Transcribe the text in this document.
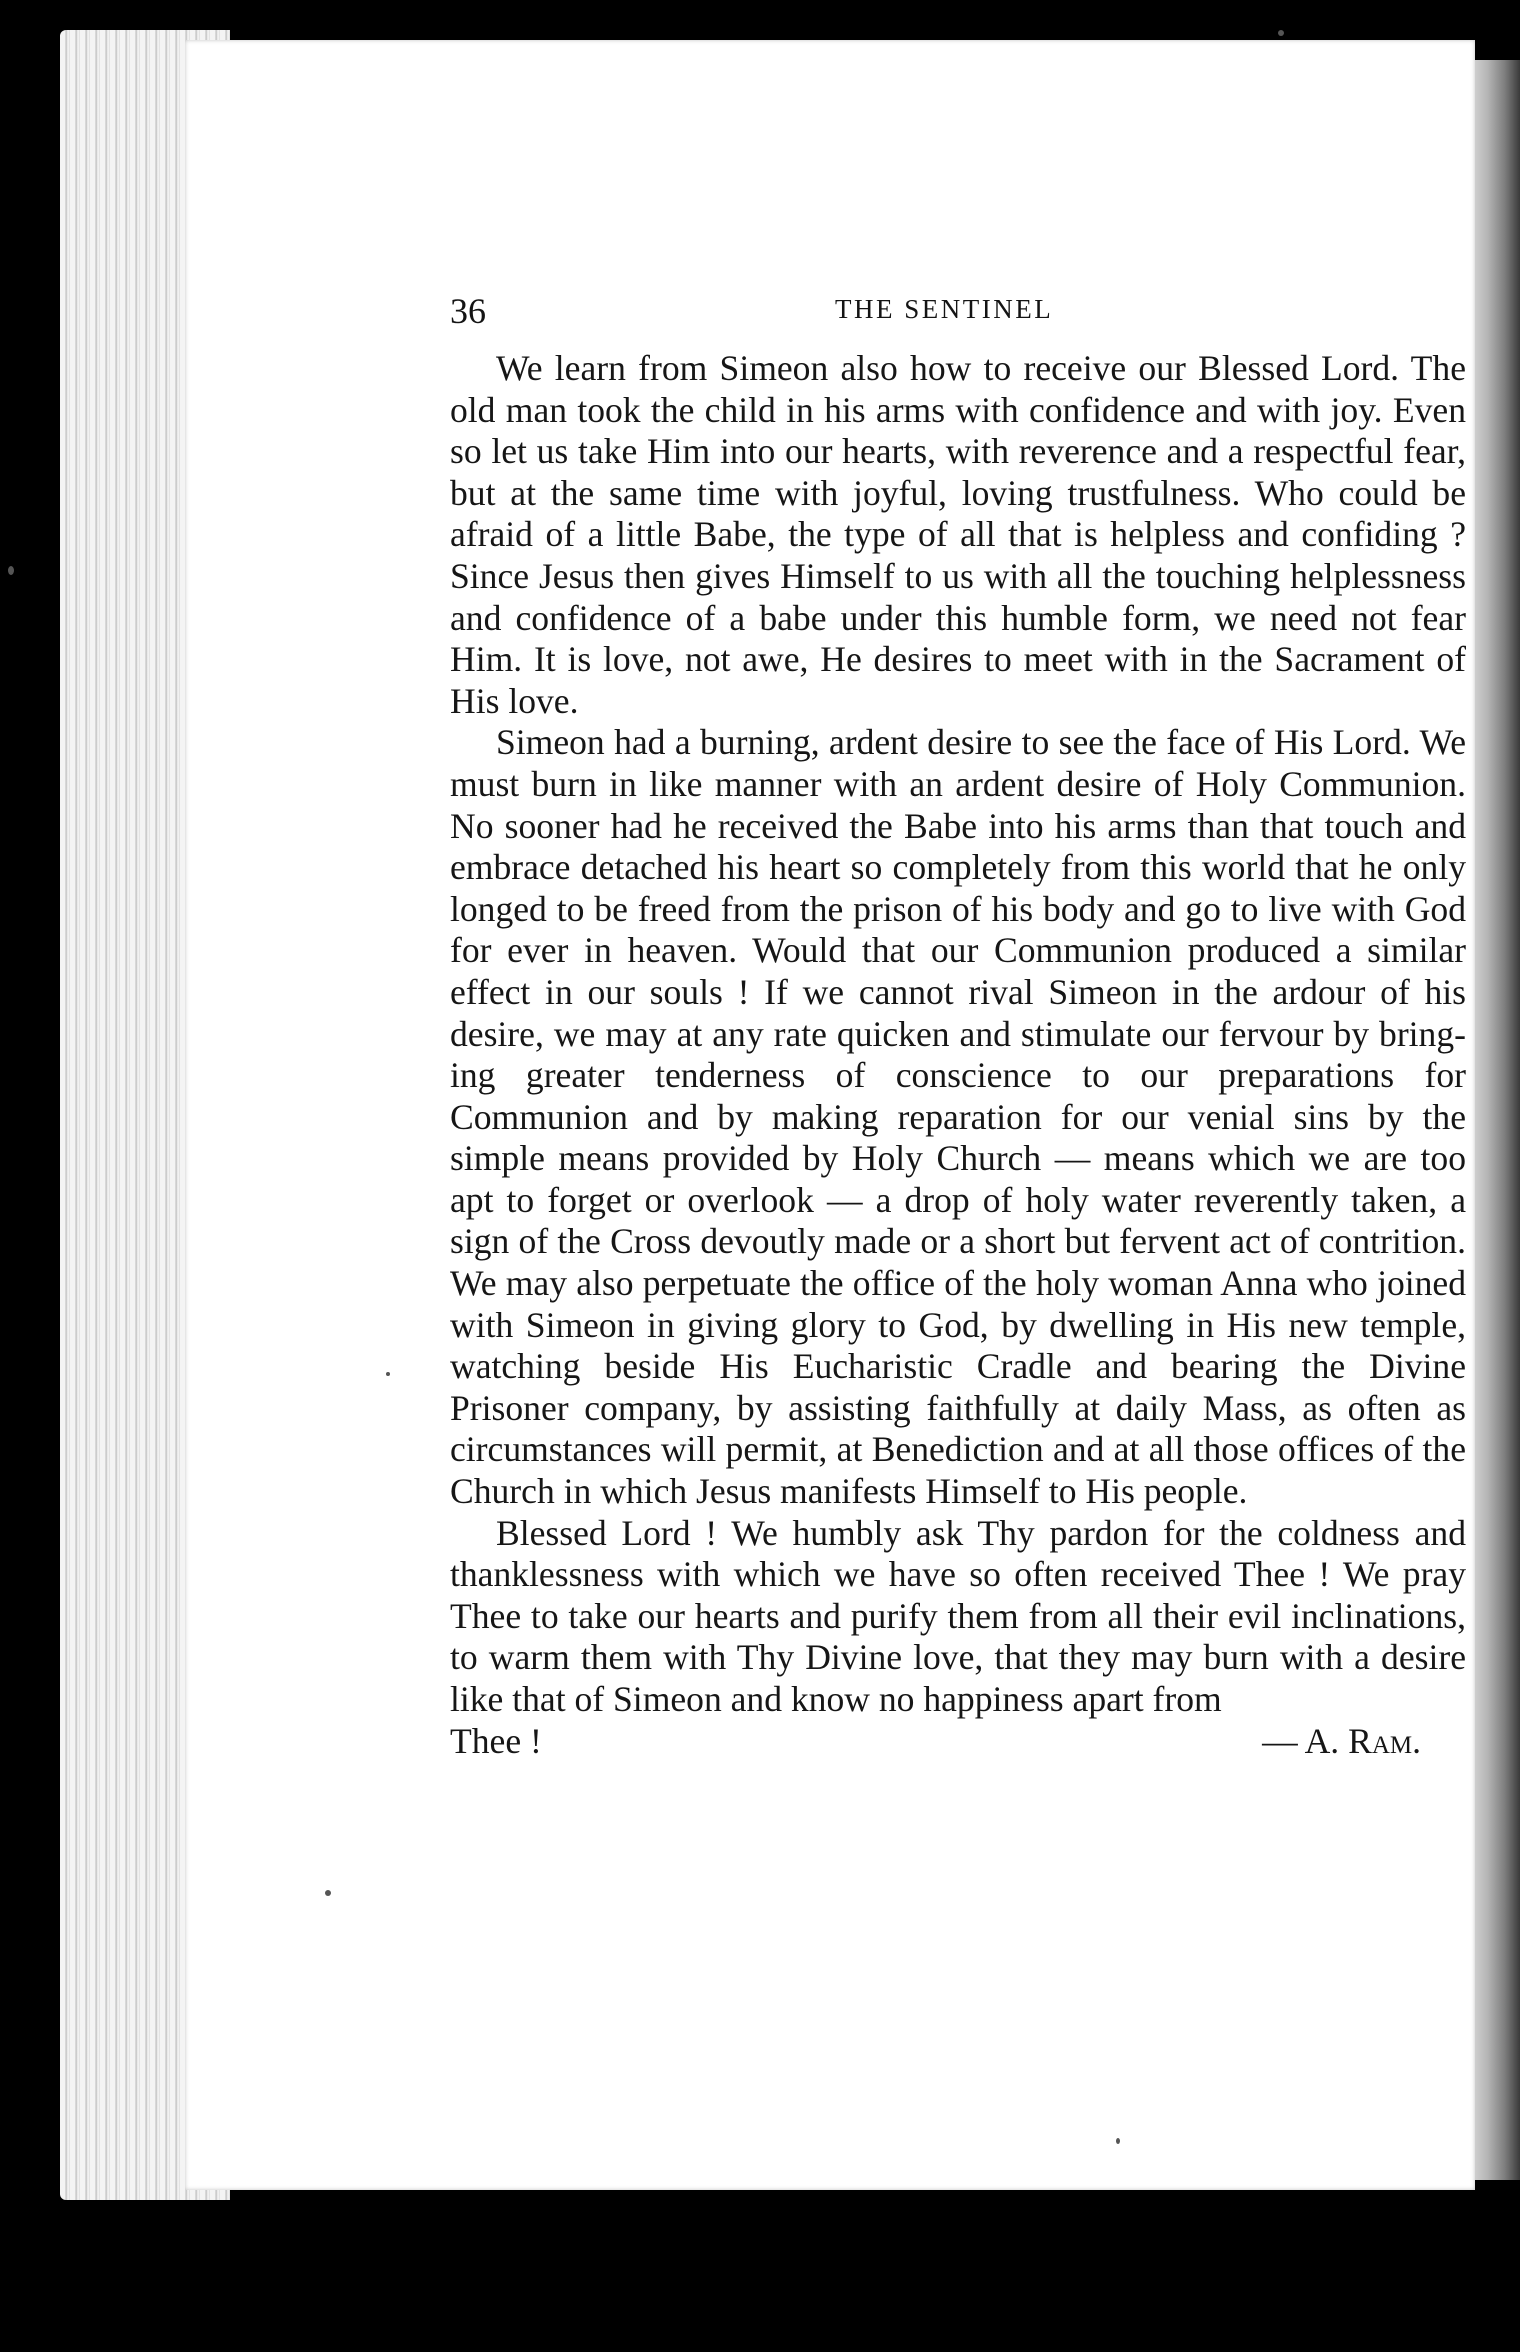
36	THE SENTINEL

We learn from Simeon also how to receive our Blessed Lord. The old man took the child in his arms with confidence and with joy. Even so let us take Him into our hearts, with reverence and a respectful fear, but at the same time with joyful, loving trustfulness. Who could be afraid of a little Babe, the type of all that is helpless and confiding ? Since Jesus then gives Himself to us with all the touching helplessness and confidence of a babe under this humble form, we need not fear Him. It is love, not awe, He desires to meet with in the Sacrament of His love.

Simeon had a burning, ardent desire to see the face of His Lord. We must burn in like manner with an ardent desire of Holy Communion. No sooner had he received the Babe into his arms than that touch and embrace detached his heart so completely from this world that he only longed to be freed from the prison of his body and go to live with God for ever in heaven. Would that our Communion produced a similar effect in our souls ! If we cannot rival Simeon in the ardour of his desire, we may at any rate quicken and stimulate our fervour by bringing greater tenderness of conscience to our preparations for Communion and by making reparation for our venial sins by the simple means provided by Holy Church — means which we are too apt to forget or overlook — a drop of holy water reverently taken, a sign of the Cross devoutly made or a short but fervent act of contrition. We may also perpetuate the office of the holy woman Anna who joined with Simeon in giving glory to God, by dwelling in His new temple, watching beside His Eucharistic Cradle and bearing the Divine Prisoner company, by assisting faithfully at daily Mass, as often as circumstances will permit, at Benediction and at all those offices of the Church in which Jesus manifests Himself to His people.

Blessed Lord ! We humbly ask Thy pardon for the coldness and thanklessness with which we have so often received Thee ! We pray Thee to take our hearts and purify them from all their evil inclinations, to warm them with Thy Divine love, that they may burn with a desire like that of Simeon and know no happiness apart from

Thee !	— A. Ram.
